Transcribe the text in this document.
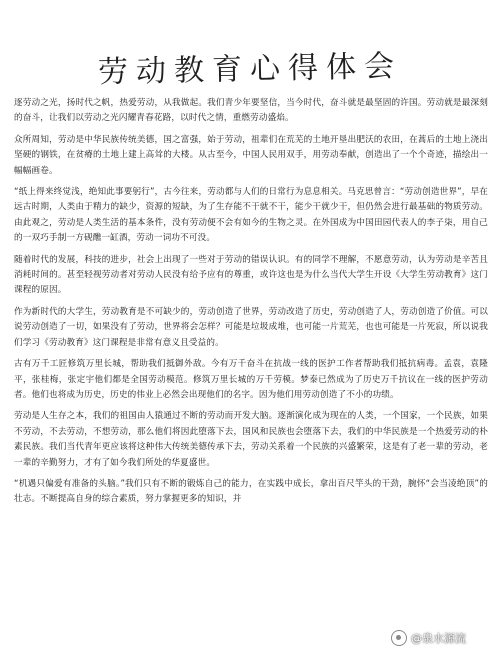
劳动教育心得体会

逐劳动之光，扬时代之帆，热爱劳动，从我做起。我们青少年要坚信，当今时代，奋斗就是最坚固的许国。劳动就是最深刻的奋斗，让我们以劳动之光闪耀青春花路，以时代之情，重燃劳动盛焰。

众所周知，劳动是中华民族传统美德，国之富强，始于劳动，祖辈们在荒芜的土地开垦出肥沃的农田，在蒿后的土地上浇出坚硬的钢铁，在贫瘠的土地上建上高耸的大楼。从古至今，中国人民用双手，用劳动奉献，创造出了一个个奇迹，描绘出一幅幅画卷。

“纸上得来终觉浅，绝知此事要躬行”，古今往来，劳动都与人们的日常行为息息相关。马克思曾言：“劳动创造世界”，早在远古时期，人类由于精力的缺少，资源的短缺，为了生存能不干就不干，能少干就少干，但仍然会进行最基础的物质劳动。由此观之，劳动是人类生活的基本条件，没有劳动便不会有如今的生物之灵。在外国成为中国田园代表人的李子柒，用自己的一双巧手制一方砚醮一缸酒，劳动一词功不可没。

随着时代的发展，科技的进步，社会上出现了一些对于劳动的错误认识。有的同学不理解，不愿意劳动，认为劳动是辛苦且消耗时间的。甚至轻视劳动者对劳动人民没有给予应有的尊重，或许这也是为什么当代大学生开设《大学生劳动教育》这门课程的原因。

作为新时代的大学生，劳动教育是不可缺少的，劳动创造了世界，劳动改造了历史，劳动创造了人，劳动创造了价值。可以说劳动创造了一切，如果没有了劳动，世界将会怎样？可能是垃圾成堆，也可能一片荒芜，也也可能是一片死寂，所以说我们学习《劳动教育》这门课程是非常有意义且受益的。

古有万千工匠修筑万里长城，帮助我们抵御外敌。今有万千奋斗在抗战一线的医护工作者帮助我们抵抗病毒。孟袁，袁隆平，张桂梅，张定宇他们都是全国劳动模范。修筑万里长城的万千劳模。梦泰已然成为了历史万千抗议在一线的医护劳动者。他们也将成为历史，历史的伟业上必然会出现他们的名字。因为他们用劳动创造了不小的功绩。

劳动是人生存之本，我们的祖国由人猿通过不断的劳动而开发大脑。逐渐演化成为现在的人类，一个国家，一个民族，如果不劳动，不去劳动，不想劳动，那么他们将因此堕落下去，国风和民族也会堕落下去，我们的中华民族是一个热爱劳动的朴素民族。我们当代青年更应该将这种伟大传统美德传承下去，劳动关系着一个民族的兴盛繁荣，这是有了老一辈的劳动，老一辈的辛勤努力，才有了如今我们所处的华夏盛世。

“机遇只偏爱有准备的头脑。”我们只有不断的锻炼自己的能力，在实践中成长，拿出百尺竿头的干劲，腕怀“会当凌绝顶”的壮志。不断提高自身的综合素质，努力掌握更多的知识，并

@泉水源流
